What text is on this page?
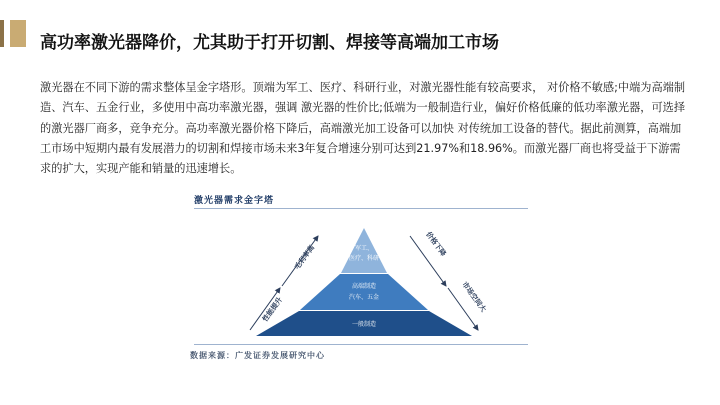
高功率激光器降价，尤其助于打开切割、焊接等高端加工市场
激光器在不同下游的需求整体呈金字塔形。顶端为军工、医疗、科研行业，对激光器性能有较高要求， 对价格不敏感;中端为高端制造、汽车、五金行业，多使用中高功率激光器，强调 激光器的性价比;低端为一般制造行业，偏好价格低廉的低功率激光器，可选择的激光器厂商多，竞争充分。高功率激光器价格下降后，高端激光加工设备可以加快 对传统加工设备的替代。据此前测算，高端加工市场中短期内最有发展潜力的切割和焊接市场未来3年复合增速分别可达到21.97%和18.96%。而激光器厂商也将受益于下游需求的扩大，实现产能和销量的迅速增长。
激光器需求金字塔
军工、
医疗、科研
高端制造
汽车、五金
一般制造
毛利率高
性能提升
价格下降
市场空间大
数据来源：广发证券发展研究中心
